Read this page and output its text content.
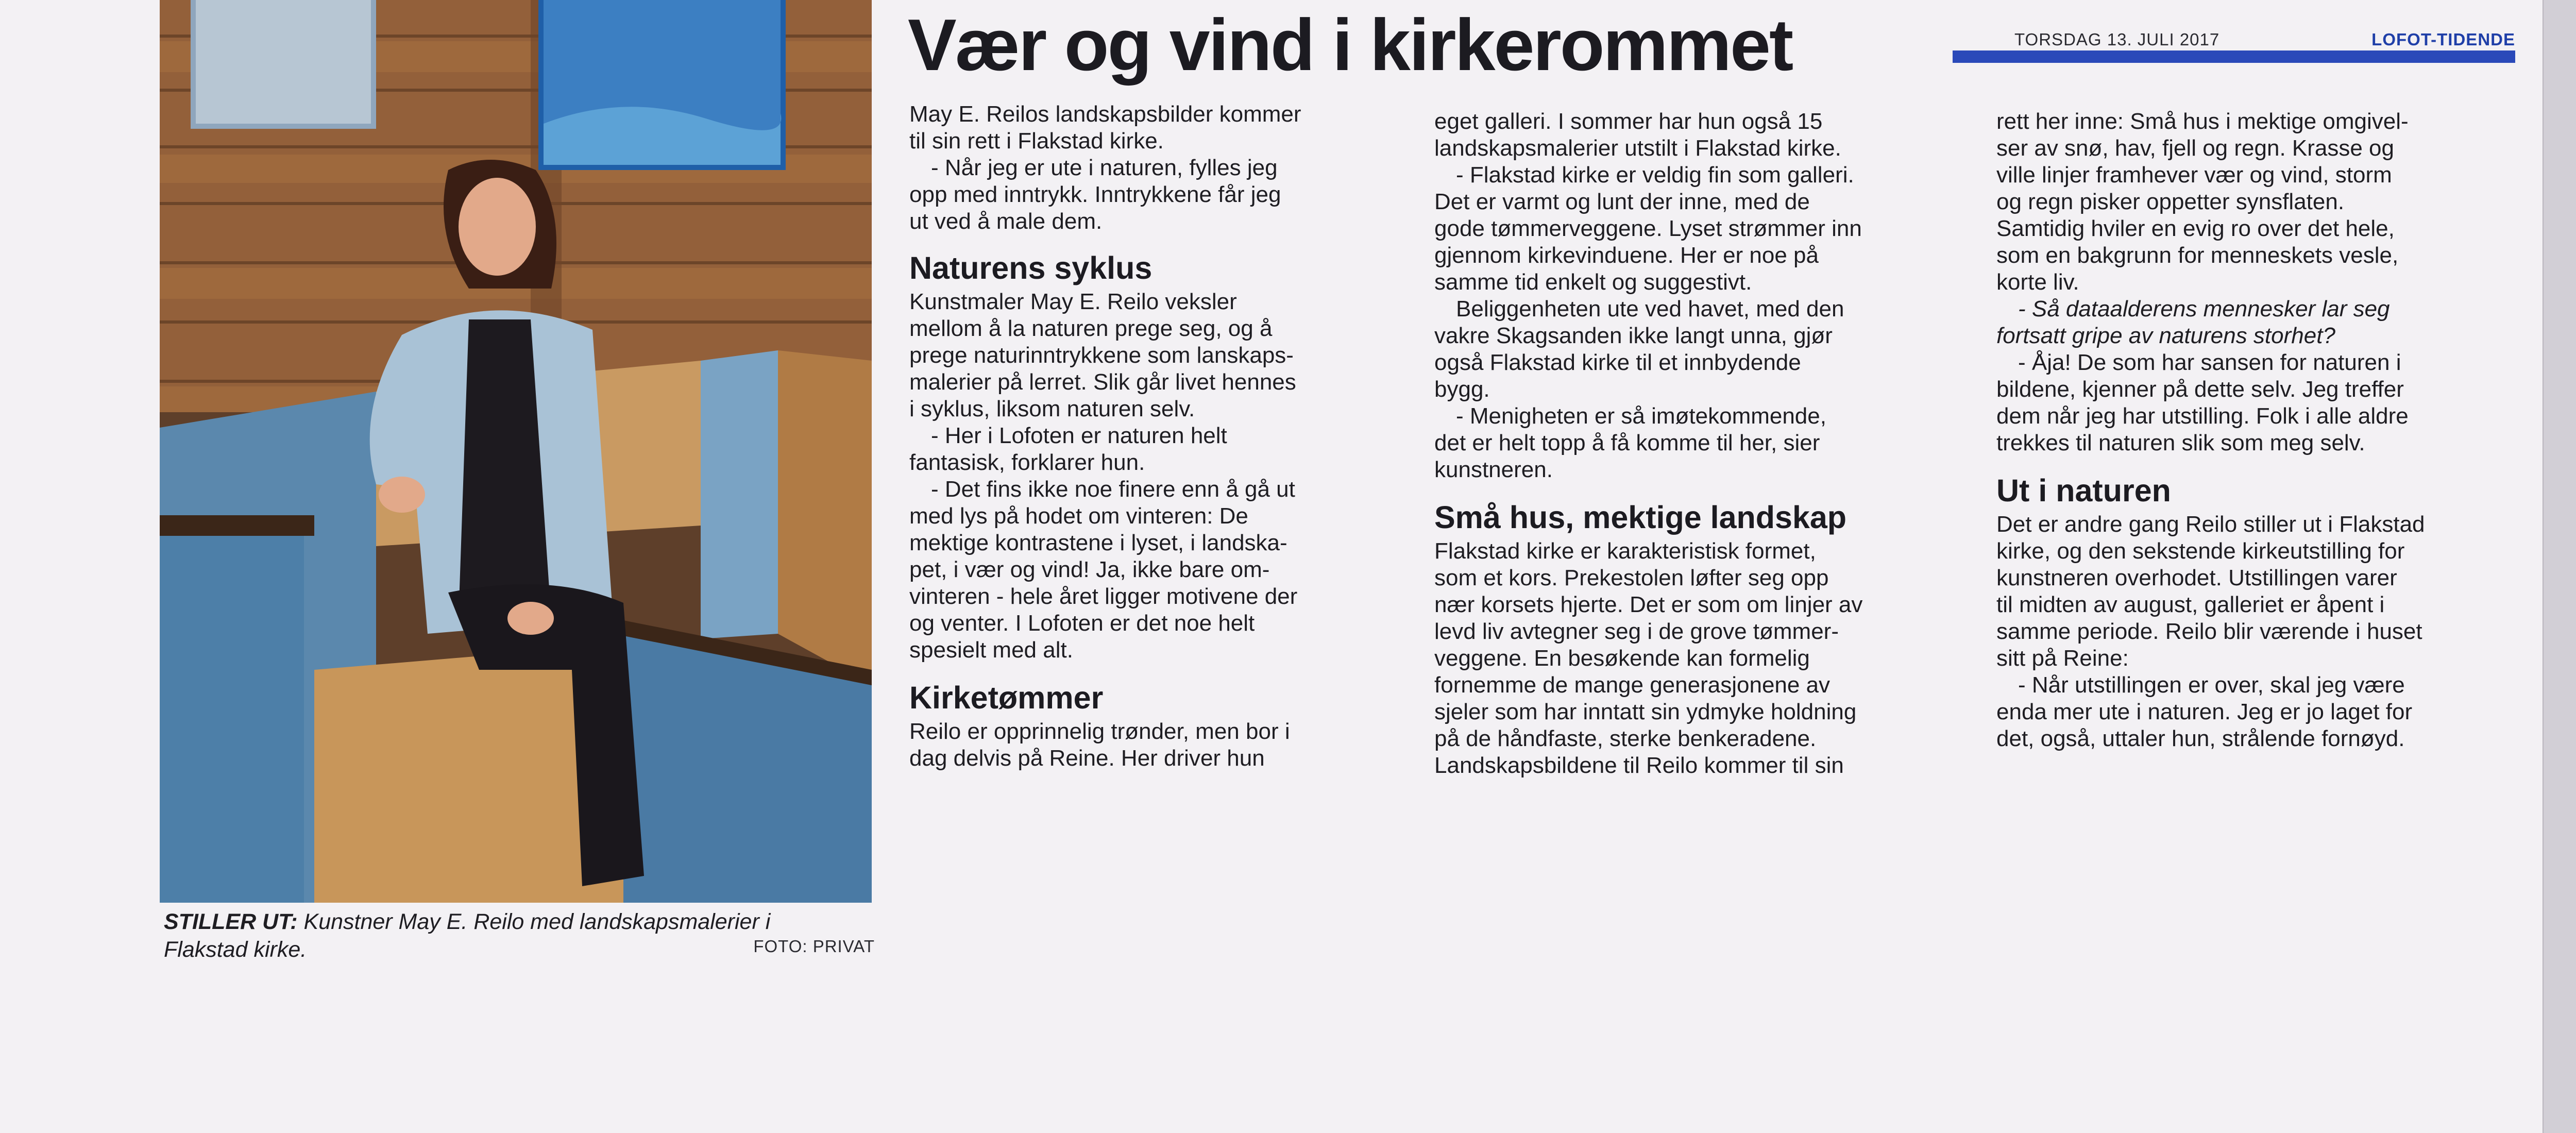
STILLER UT: Kunstner May E. Reilo med landskapsmalerier i
Flakstad kirke.	FOTO: PRIVAT
Vær og vind i kirkerommet	TORSDAG 13. JULI 2017	LOFOT-TIDENDE

May E. Reilos landskapsbilder kommer

til sin rett i Flakstad kirke.

- Når jeg er ute i naturen, fylles jeg

opp med inntrykk. Inntrykkene får jeg

ut ved å male dem.

Naturens syklus

Kunstmaler May E. Reilo veksler

mellom å la naturen prege seg, og å

prege naturinntrykkene som lanskaps-

malerier på lerret. Slik går livet hennes

i syklus, liksom naturen selv.

- Her i Lofoten er naturen helt

fantasisk, forklarer hun.

- Det fins ikke noe finere enn å gå ut

med lys på hodet om vinteren: De

mektige kontrastene i lyset, i landska-

pet, i vær og vind! Ja, ikke bare om-

vinteren - hele året ligger motivene der

og venter. I Lofoten er det noe helt

spesielt med alt.

Kirketømmer

Reilo er opprinnelig trønder, men bor i

dag delvis på Reine. Her driver hun

eget galleri. I sommer har hun også 15

landskapsmalerier utstilt i Flakstad kirke.

- Flakstad kirke er veldig fin som galleri.

Det er varmt og lunt der inne, med de

gode tømmerveggene. Lyset strømmer inn

gjennom kirkevinduene. Her er noe på

samme tid enkelt og suggestivt.

Beliggenheten ute ved havet, med den

vakre Skagsanden ikke langt unna, gjør

også Flakstad kirke til et innbydende

bygg.

- Menigheten er så imøtekommende,

det er helt topp å få komme til her, sier

kunstneren.

Små hus, mektige landskap

Flakstad kirke er karakteristisk formet,

som et kors. Prekestolen løfter seg opp

nær korsets hjerte. Det er som om linjer av

levd liv avtegner seg i de grove tømmer-

veggene. En besøkende kan formelig

fornemme de mange generasjonene av

sjeler som har inntatt sin ydmyke holdning

på de håndfaste, sterke benkeradene.

Landskapsbildene til Reilo kommer til sin

rett her inne: Små hus i mektige omgivel-

ser av snø, hav, fjell og regn. Krasse og

ville linjer framhever vær og vind, storm

og regn pisker oppetter synsflaten.

Samtidig hviler en evig ro over det hele,

som en bakgrunn for menneskets vesle,

korte liv.

- Så dataalderens mennesker lar seg

fortsatt gripe av naturens storhet?

- Åja! De som har sansen for naturen i

bildene, kjenner på dette selv. Jeg treffer

dem når jeg har utstilling. Folk i alle aldre

trekkes til naturen slik som meg selv.

Ut i naturen

Det er andre gang Reilo stiller ut i Flakstad

kirke, og den sekstende kirkeutstilling for

kunstneren overhodet. Utstillingen varer

til midten av august, galleriet er åpent i

samme periode. Reilo blir værende i huset

sitt på Reine:

- Når utstillingen er over, skal jeg være

enda mer ute i naturen. Jeg er jo laget for

det, også, uttaler hun, strålende fornøyd.
